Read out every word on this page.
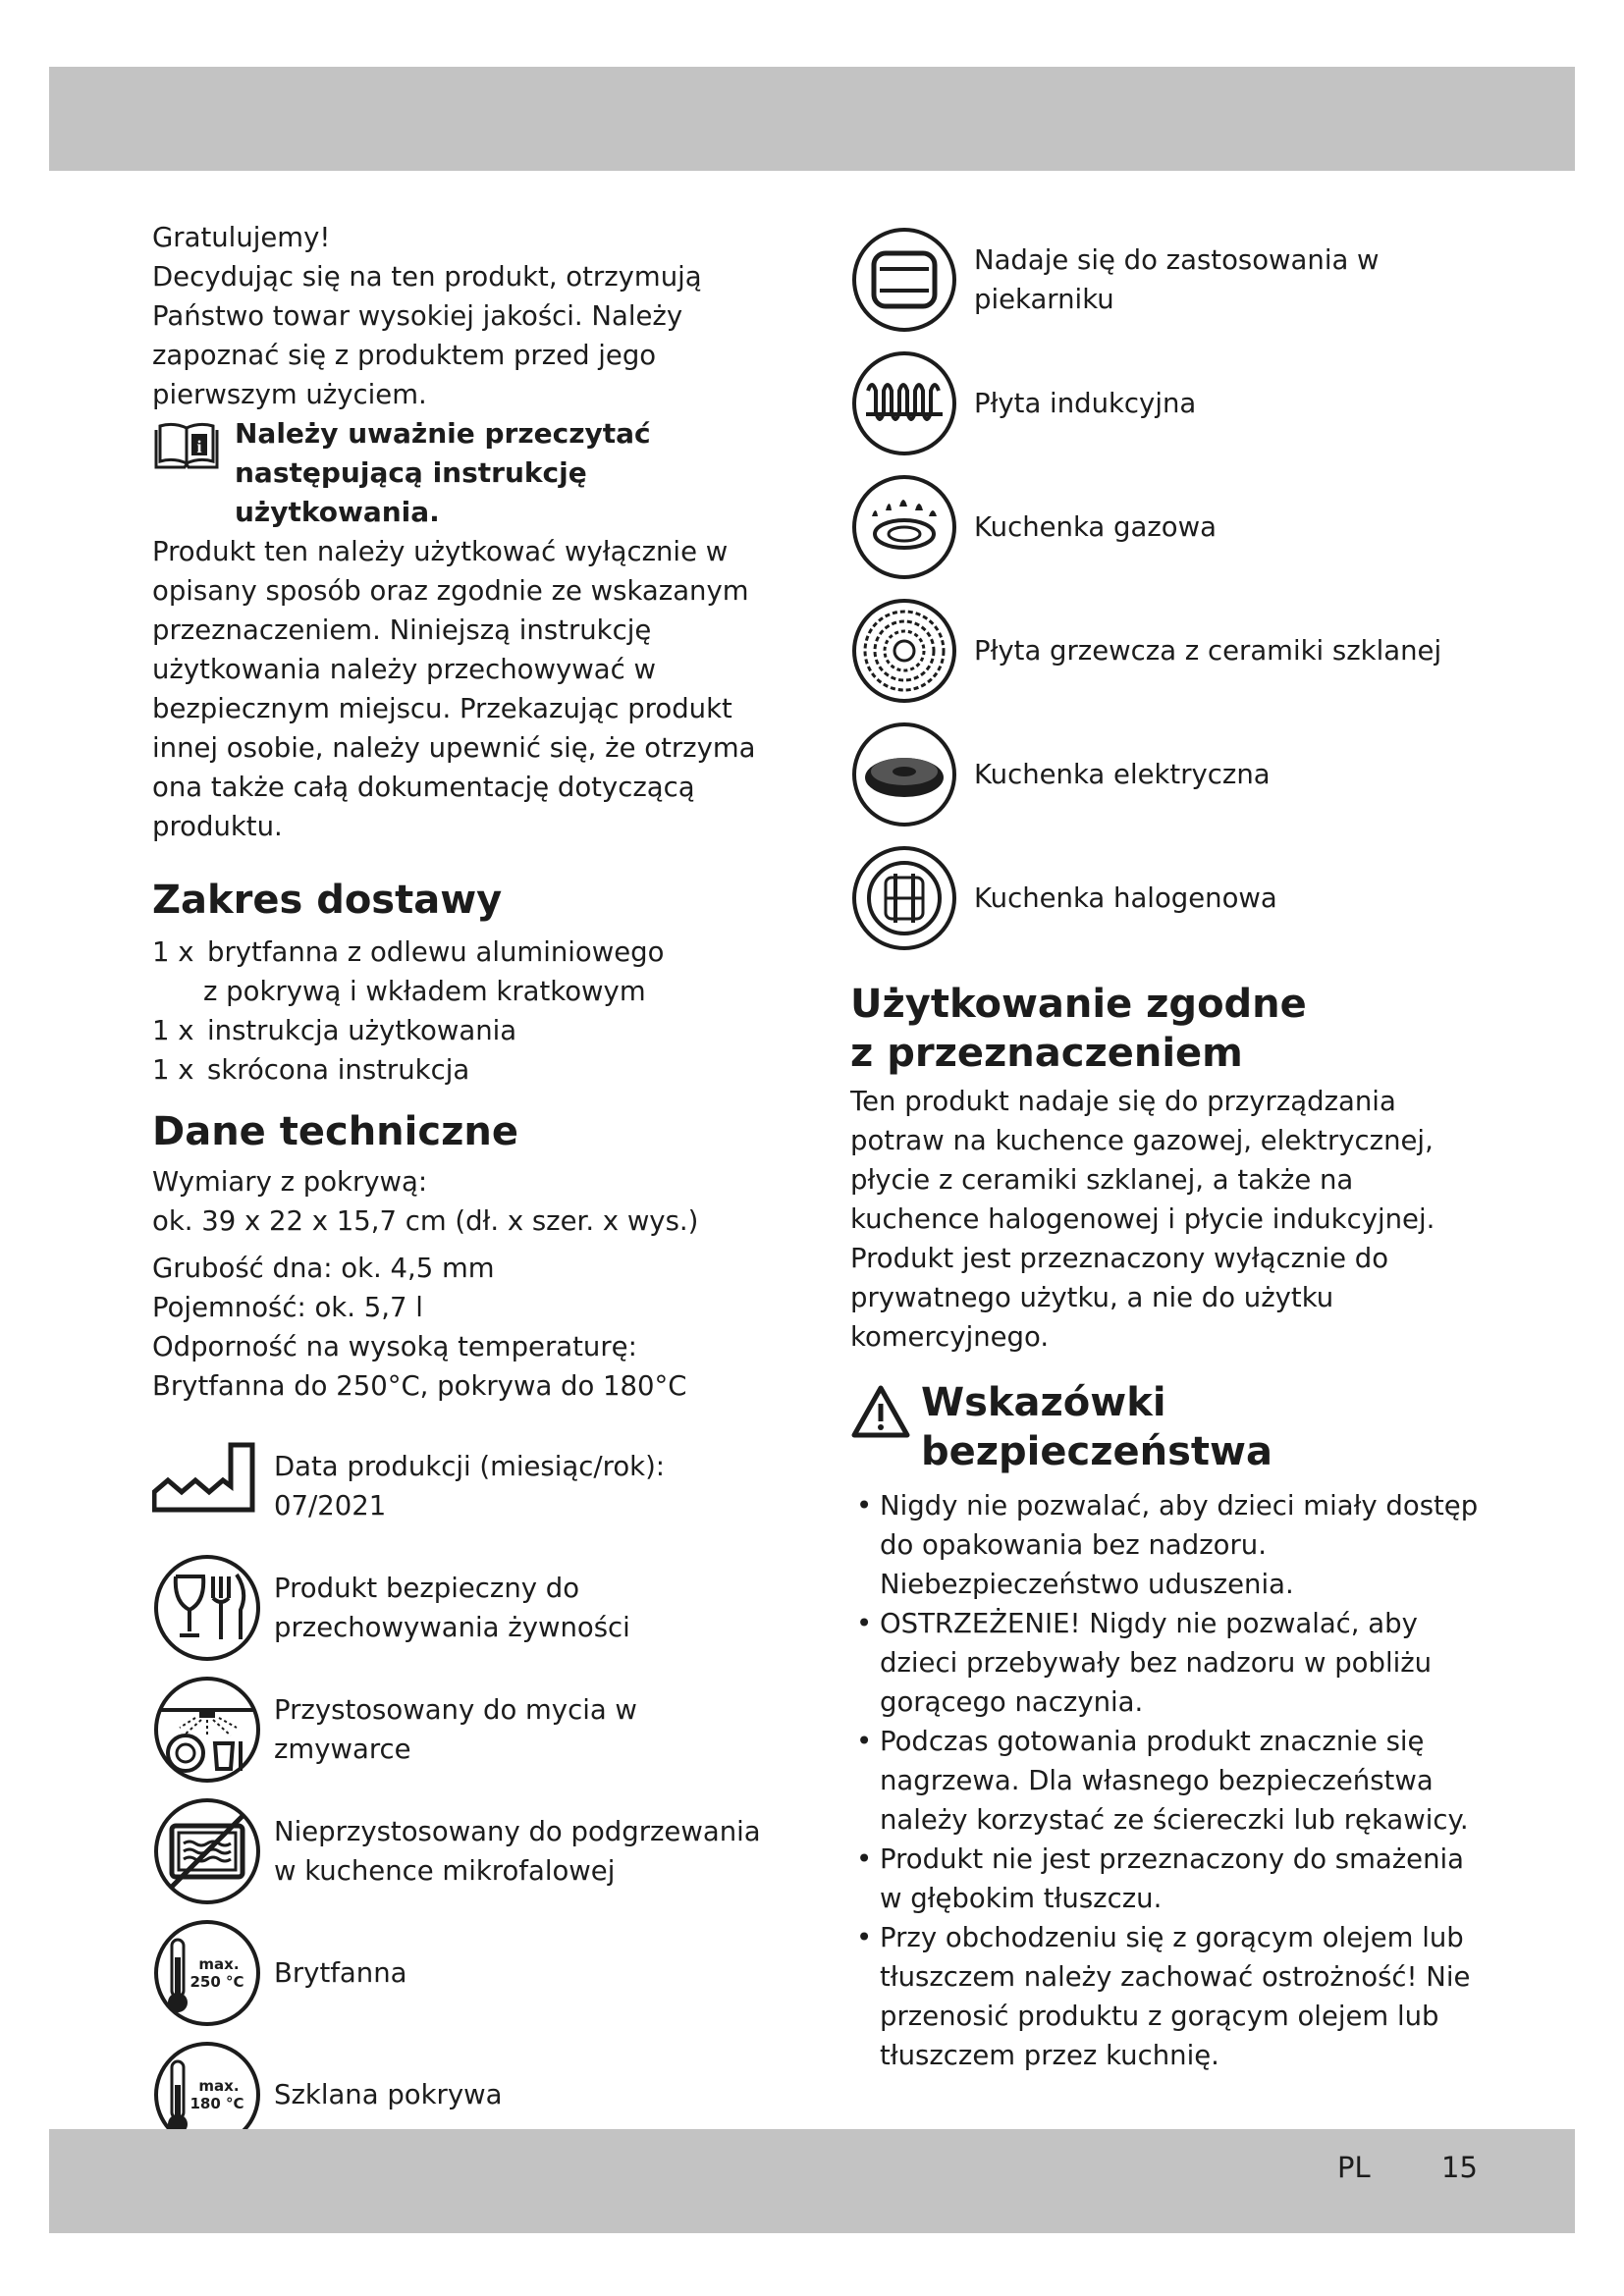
Gratulujemy!

Decydując się na ten produkt, otrzymują Państwo towar wysokiej jakości. Należy zapoznać się z produktem przed jego pierwszym użyciem.

i Należy uważnie przeczytać następującą instrukcję użytkowania.

Produkt ten należy użytkować wyłącznie w opisany sposób oraz zgodnie ze wskazanym przeznaczeniem. Niniejszą instrukcję użytkowania należy przechowywać w bezpiecznym miejscu. Przekazując produkt innej osobie, należy upewnić się, że otrzyma ona także całą dokumentację dotyczącą produktu.

Zakres dostawy
1 x brytfanna z odlewu aluminiowego
z pokrywą i wkładem kratkowym
1 x instrukcja użytkowania
1 x skrócona instrukcja
Dane techniczne

Wymiary z pokrywą:

ok. 39 x 22 x 15,7 cm (dł. x szer. x wys.)

Grubość dna: ok. 4,5 mm

Pojemność: ok. 5,7 l

Odporność na wysoką temperaturę:

Brytfanna do 250°C, pokrywa do 180°C

Data produkcji (miesiąc/rok): 07/2021
Produkt bezpieczny do przechowywania żywności
Przystosowany do mycia w zmywarce
Nieprzystosowany do podgrzewania w kuchence mikrofalowej
max.
250 °C Brytfanna
max.
180 °C Szklana pokrywa
Nadaje się do zastosowania w piekarniku
Płyta indukcyjna
Kuchenka gazowa
Płyta grzewcza z ceramiki szklanej
Kuchenka elektryczna
Kuchenka halogenowa
Użytkowanie zgodne
z przeznaczeniem

Ten produkt nadaje się do przyrządzania potraw na kuchence gazowej, elektrycznej, płycie z ceramiki szklanej, a także na kuchence halogenowej i płycie indukcyjnej. Produkt jest przeznaczony wyłącznie do prywatnego użytku, a nie do użytku komercyjnego.

Wskazówki
bezpieczeństwa
• Nigdy nie pozwalać, aby dzieci miały dostęp do opakowania bez nadzoru. Niebezpieczeństwo uduszenia.
• OSTRZEŻENIE! Nigdy nie pozwalać, aby dzieci przebywały bez nadzoru w pobliżu gorącego naczynia.
• Podczas gotowania produkt znacznie się nagrzewa. Dla własnego bezpieczeństwa należy korzystać ze ściereczki lub rękawicy.
• Produkt nie jest przeznaczony do smażenia w głębokim tłuszczu.
• Przy obchodzeniu się z gorącym olejem lub tłuszczem należy zachować ostrożność! Nie przenosić produktu z gorącym olejem lub tłuszczem przez kuchnię.
PL 15
